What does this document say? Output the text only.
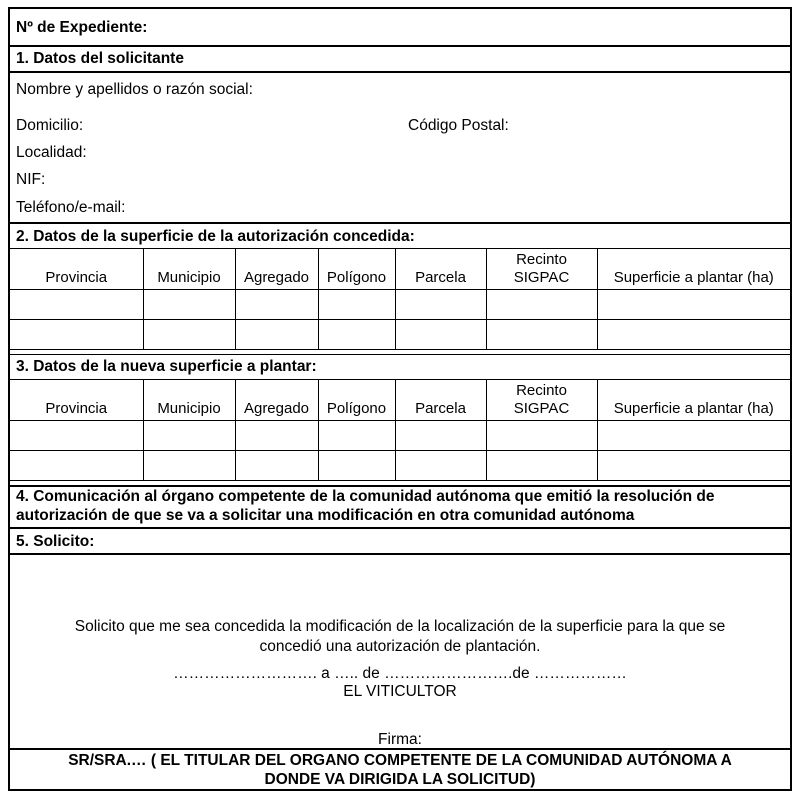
Nº de Expediente:
1. Datos del solicitante
Nombre y apellidos o razón social:
Domicilio:	Código Postal:
Localidad:
NIF:
Teléfono/e-mail:
2. Datos de la superficie de la autorización concedida:
Provincia	Municipio	Agregado	Polígono	Parcela	Recinto SIGPAC	Superficie a plantar (ha)

3. Datos de la nueva superficie a plantar:
Provincia	Municipio	Agregado	Polígono	Parcela	Recinto SIGPAC	Superficie a plantar (ha)

4. Comunicación al órgano competente de la comunidad autónoma que emitió la resolución de
autorización de que se va a solicitar una modificación en otra comunidad autónoma
5. Solicito:
Solicito que me sea concedida la modificación de la localización de la superficie para la que se
concedió una autorización de plantación.
………………………. a ….. de …………………….de ………………
EL VITICULTOR
Firma:
SR/SRA.… ( EL TITULAR DEL ORGANO COMPETENTE DE LA COMUNIDAD AUTÓNOMA A
DONDE VA DIRIGIDA LA SOLICITUD)
